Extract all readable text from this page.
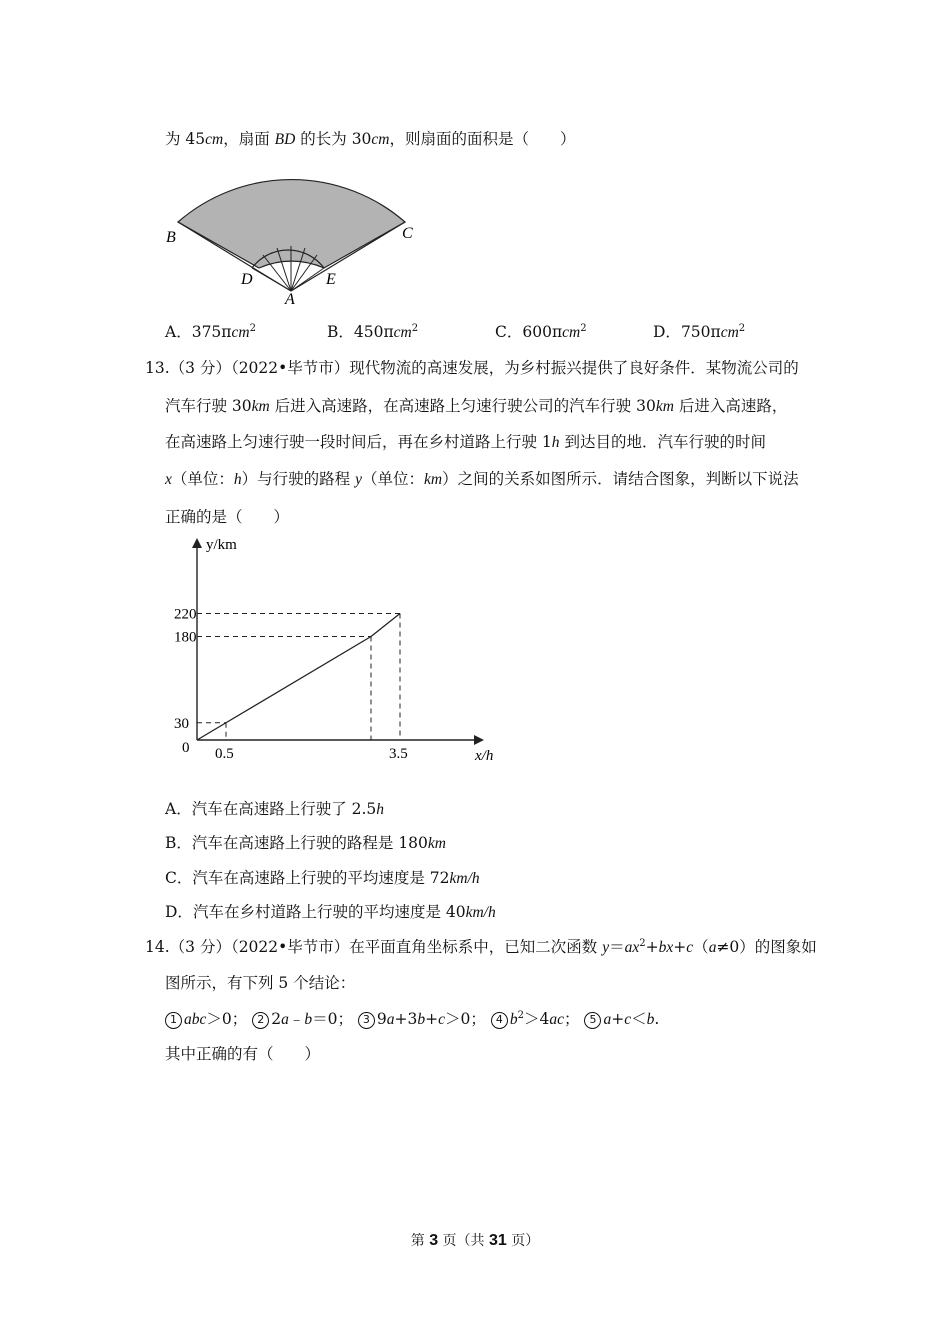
为 45cm，扇面 BD 的长为 30cm，则扇面的面积是（　　）
B	C
D	E
A
A．375πcm$^2$	B．450πcm$^2$	C．600πcm$^2$	D．750πcm$^2$
13.（3 分）（2022•毕节市）现代物流的高速发展，为乡村振兴提供了良好条件．某物流公司的
汽车行驶 30km 后进入高速路，在高速路上匀速行驶公司的汽车行驶 30km 后进入高速路，
在高速路上匀速行驶一段时间后，再在乡村道路上行驶 1h 到达目的地．汽车行驶的时间
x（单位：h）与行驶的路程 y（单位：km）之间的关系如图所示．请结合图象，判断以下说法
正确的是（　　）
y/km
x/h
0
30
180
220
0.5	3.5
A．汽车在高速路上行驶了 2.5h
B．汽车在高速路上行驶的路程是 180km
C．汽车在高速路上行驶的平均速度是 72km/h
D．汽车在乡村道路上行驶的平均速度是 40km/h
14.（3 分）（2022•毕节市）在平面直角坐标系中，已知二次函数 $y=ax^2+bx+c(a\ne 0)$的图象如
图所示，有下列 5 个结论：
1 abc＞0； 2 2a﹣b＝0； 3 9a+3b+c＞0； 4 $b^2>4ac$； 5 a+c＜b.
其中正确的有（　　）
第 3 页（共 31 页）
